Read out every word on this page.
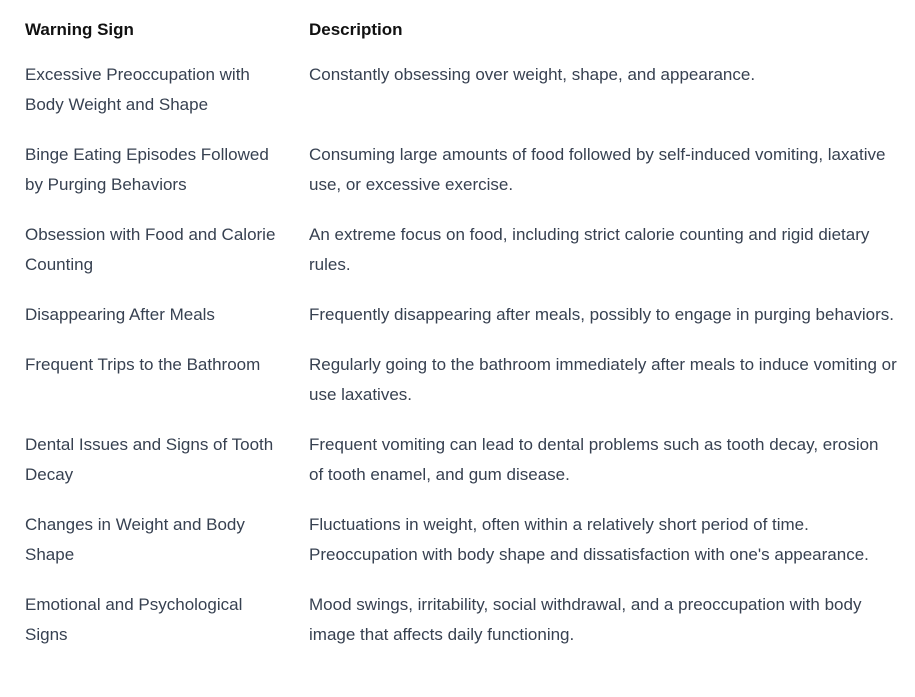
Warning Sign	Description
Excessive Preoccupation with Body Weight and Shape	Constantly obsessing over weight, shape, and appearance.
Binge Eating Episodes Followed by Purging Behaviors	Consuming large amounts of food followed by self-induced vomiting, laxative use, or excessive exercise.
Obsession with Food and Calorie Counting	An extreme focus on food, including strict calorie counting and rigid dietary rules.
Disappearing After Meals	Frequently disappearing after meals, possibly to engage in purging behaviors.
Frequent Trips to the Bathroom	Regularly going to the bathroom immediately after meals to induce vomiting or use laxatives.
Dental Issues and Signs of Tooth Decay	Frequent vomiting can lead to dental problems such as tooth decay, erosion of tooth enamel, and gum disease.
Changes in Weight and Body Shape	Fluctuations in weight, often within a relatively short period of time. Preoccupation with body shape and dissatisfaction with one's appearance.
Emotional and Psychological Signs	Mood swings, irritability, social withdrawal, and a preoccupation with body image that affects daily functioning.
